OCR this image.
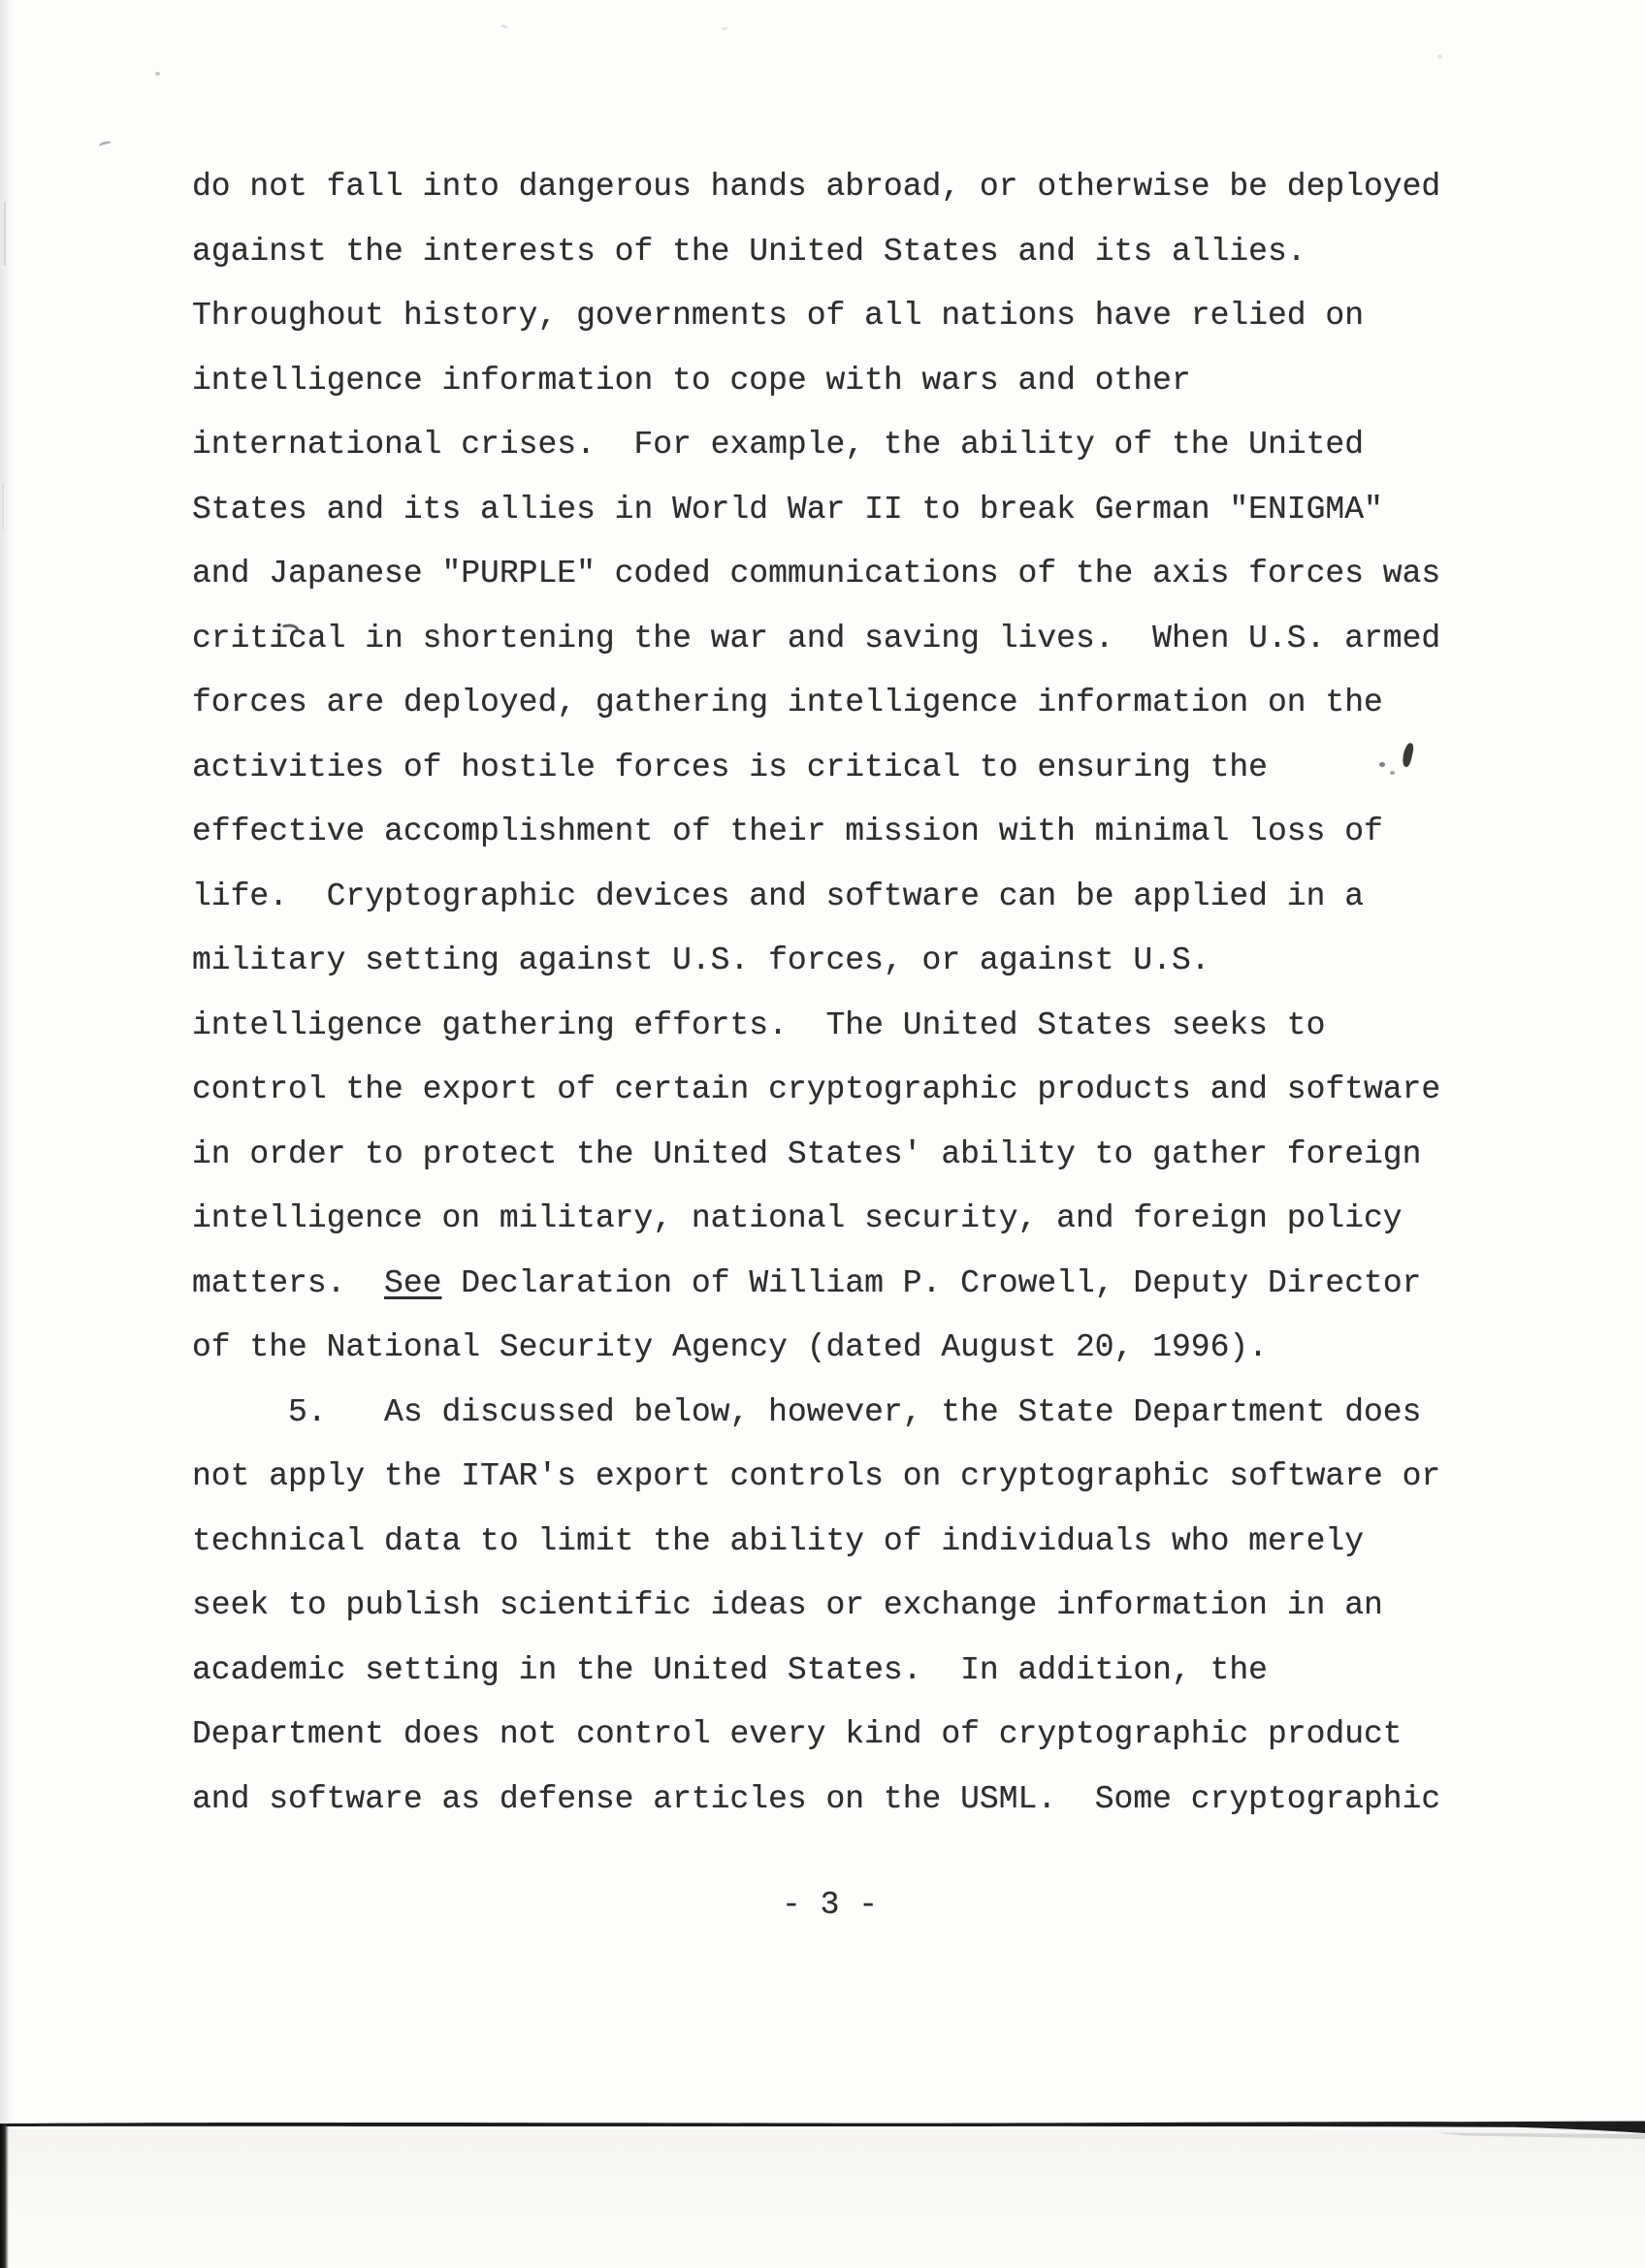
do not fall into dangerous hands abroad, or otherwise be deployed
against the interests of the United States and its allies.
Throughout history, governments of all nations have relied on
intelligence information to cope with wars and other
international crises.  For example, the ability of the United
States and its allies in World War II to break German "ENIGMA"
and Japanese "PURPLE" coded communications of the axis forces was
critical in shortening the war and saving lives.  When U.S. armed
forces are deployed, gathering intelligence information on the
activities of hostile forces is critical to ensuring the
effective accomplishment of their mission with minimal loss of
life.  Cryptographic devices and software can be applied in a
military setting against U.S. forces, or against U.S.
intelligence gathering efforts.  The United States seeks to
control the export of certain cryptographic products and software
in order to protect the United States' ability to gather foreign
intelligence on military, national security, and foreign policy
matters.  See Declaration of William P. Crowell, Deputy Director
of the National Security Agency (dated August 20, 1996).
5.   As discussed below, however, the State Department does
not apply the ITAR's export controls on cryptographic software or
technical data to limit the ability of individuals who merely
seek to publish scientific ideas or exchange information in an
academic setting in the United States.  In addition, the
Department does not control every kind of cryptographic product
and software as defense articles on the USML.  Some cryptographic
- 3 -
